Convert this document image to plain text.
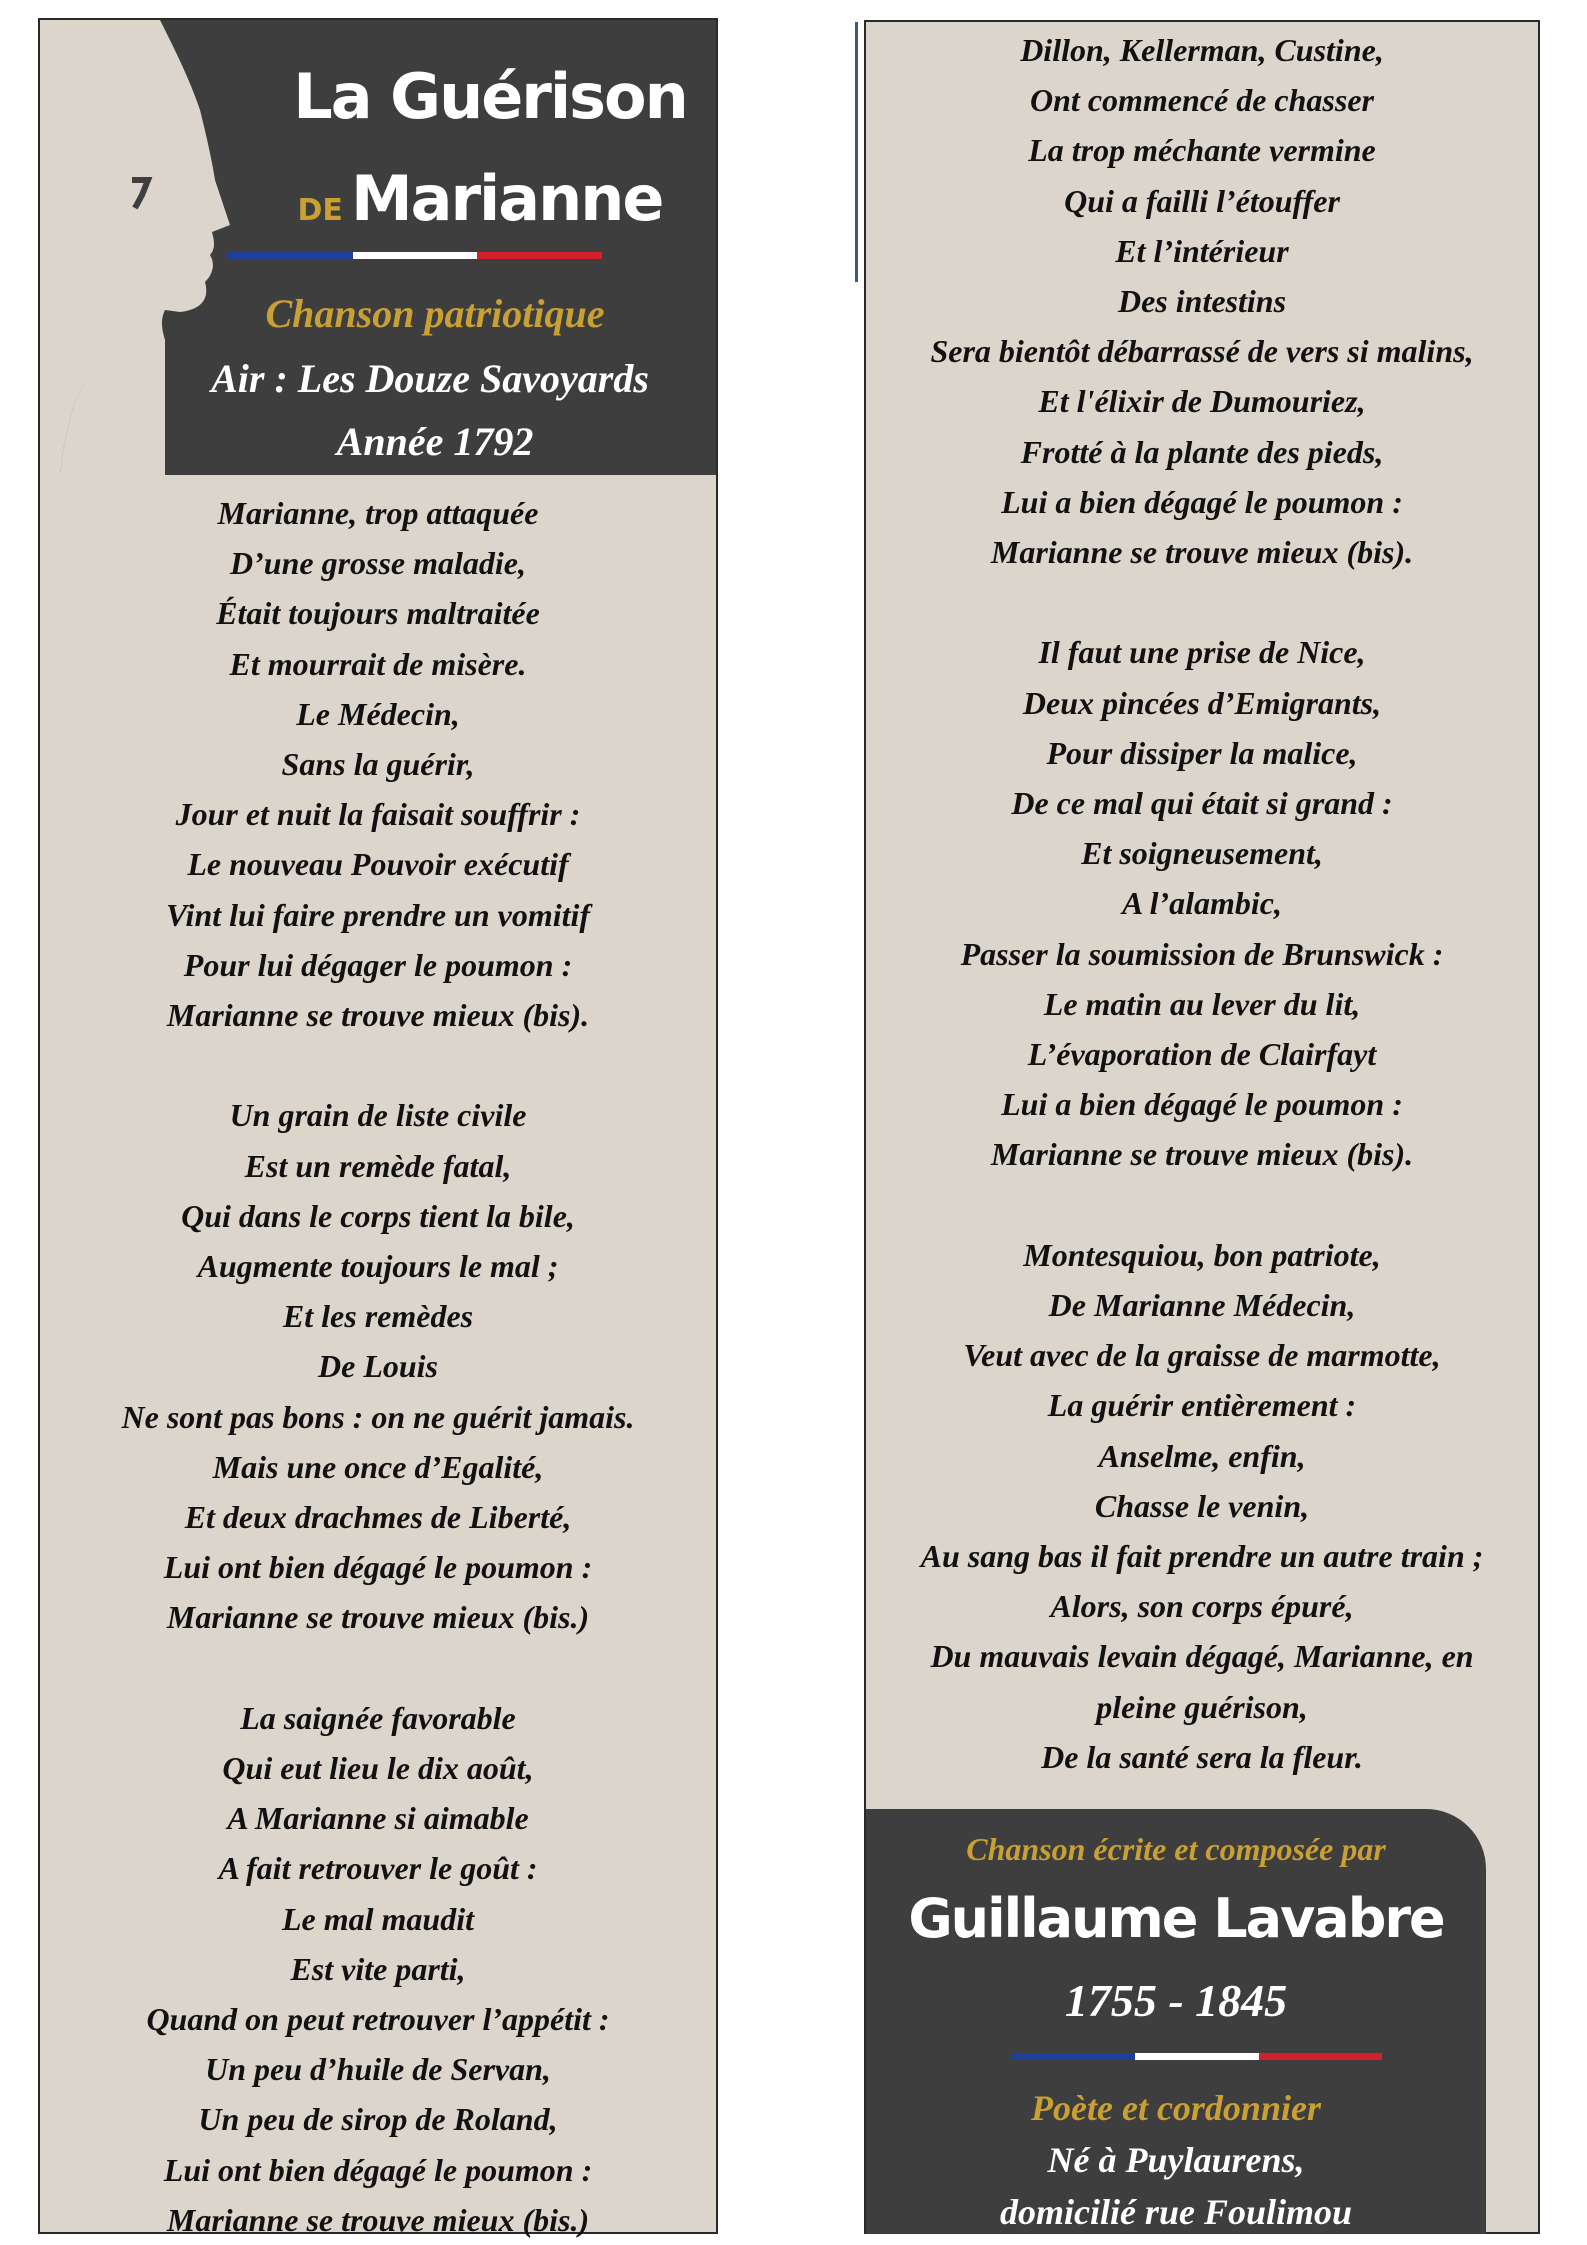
La Guérison
DE Marianne
Chanson patriotique
Air : Les Douze Savoyards
Année 1792
Marianne, trop attaquée
D’une grosse maladie,
Était toujours maltraitée
Et mourrait de misère.
Le Médecin,
Sans la guérir,
Jour et nuit la faisait souffrir :
Le nouveau Pouvoir exécutif
Vint lui faire prendre un vomitif
Pour lui dégager le poumon :
Marianne se trouve mieux (bis).
Un grain de liste civile
Est un remède fatal,
Qui dans le corps tient la bile,
Augmente toujours le mal ;
Et les remèdes
De Louis
Ne sont pas bons : on ne guérit jamais.
Mais une once d’Egalité,
Et deux drachmes de Liberté,
Lui ont bien dégagé le poumon :
Marianne se trouve mieux (bis.)
La saignée favorable
Qui eut lieu le dix août,
A Marianne si aimable
A fait retrouver le goût :
Le mal maudit
Est vite parti,
Quand on peut retrouver l’appétit :
Un peu d’huile de Servan,
Un peu de sirop de Roland,
Lui ont bien dégagé le poumon :
Marianne se trouve mieux (bis.)
Dillon, Kellerman, Custine,
Ont commencé de chasser
La trop méchante vermine
Qui a failli l’étouffer
Et l’intérieur
Des intestins
Sera bientôt débarrassé de vers si malins,
Et l'élixir de Dumouriez,
Frotté à la plante des pieds,
Lui a bien dégagé le poumon :
Marianne se trouve mieux (bis).
Il faut une prise de Nice,
Deux pincées d’Emigrants,
Pour dissiper la malice,
De ce mal qui était si grand :
Et soigneusement,
A l’alambic,
Passer la soumission de Brunswick :
Le matin au lever du lit,
L’évaporation de Clairfayt
Lui a bien dégagé le poumon :
Marianne se trouve mieux (bis).
Montesquiou, bon patriote,
De Marianne Médecin,
Veut avec de la graisse de marmotte,
La guérir entièrement :
Anselme, enfin,
Chasse le venin,
Au sang bas il fait prendre un autre train ;
Alors, son corps épuré,
Du mauvais levain dégagé, Marianne, en
pleine guérison,
De la santé sera la fleur.
Chanson écrite et composée par
Guillaume Lavabre
1755 - 1845
Poète et cordonnier
Né à Puylaurens,
domicilié rue Foulimou
